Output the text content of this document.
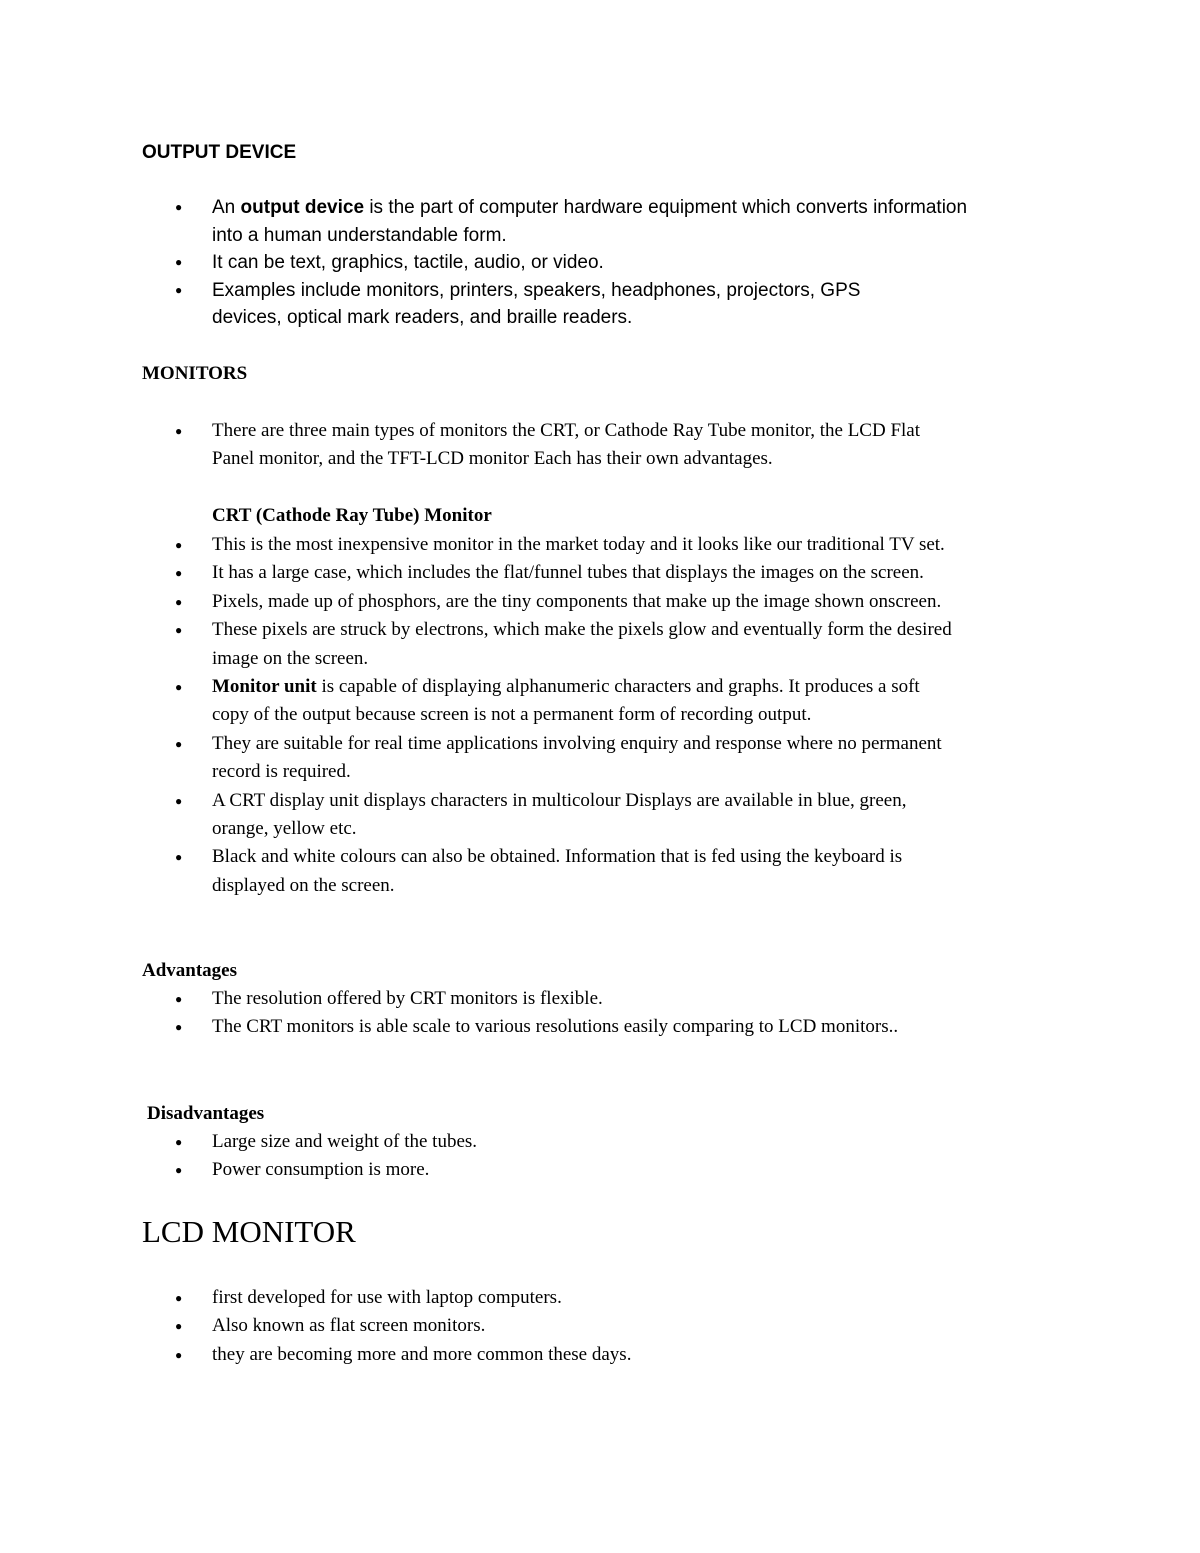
OUTPUT DEVICE
● An output device is the part of computer hardware equipment which converts information
into a human understandable form.
● It can be text, graphics, tactile, audio, or video.
● Examples include monitors, printers, speakers, headphones, projectors, GPS
devices, optical mark readers, and braille readers.
MONITORS
● There are three main types of monitors the CRT, or Cathode Ray Tube monitor, the LCD Flat
Panel monitor, and the TFT-LCD monitor Each has their own advantages.
CRT (Cathode Ray Tube) Monitor
● This is the most inexpensive monitor in the market today and it looks like our traditional TV set.
● It has a large case, which includes the flat/funnel tubes that displays the images on the screen.
● Pixels, made up of phosphors, are the tiny components that make up the image shown onscreen.
● These pixels are struck by electrons, which make the pixels glow and eventually form the desired
image on the screen.
● Monitor unit is capable of displaying alphanumeric characters and graphs. It produces a soft
copy of the output because screen is not a permanent form of recording output.
● They are suitable for real time applications involving enquiry and response where no permanent
record is required.
● A CRT display unit displays characters in multicolour Displays are available in blue, green,
orange, yellow etc.
● Black and white colours can also be obtained. Information that is fed using the keyboard is
displayed on the screen.
Advantages
● The resolution offered by CRT monitors is flexible.
● The CRT monitors is able scale to various resolutions easily comparing to LCD monitors..
Disadvantages
● Large size and weight of the tubes.
● Power consumption is more.
LCD MONITOR
● first developed for use with laptop computers.
● Also known as flat screen monitors.
● they are becoming more and more common these days.
